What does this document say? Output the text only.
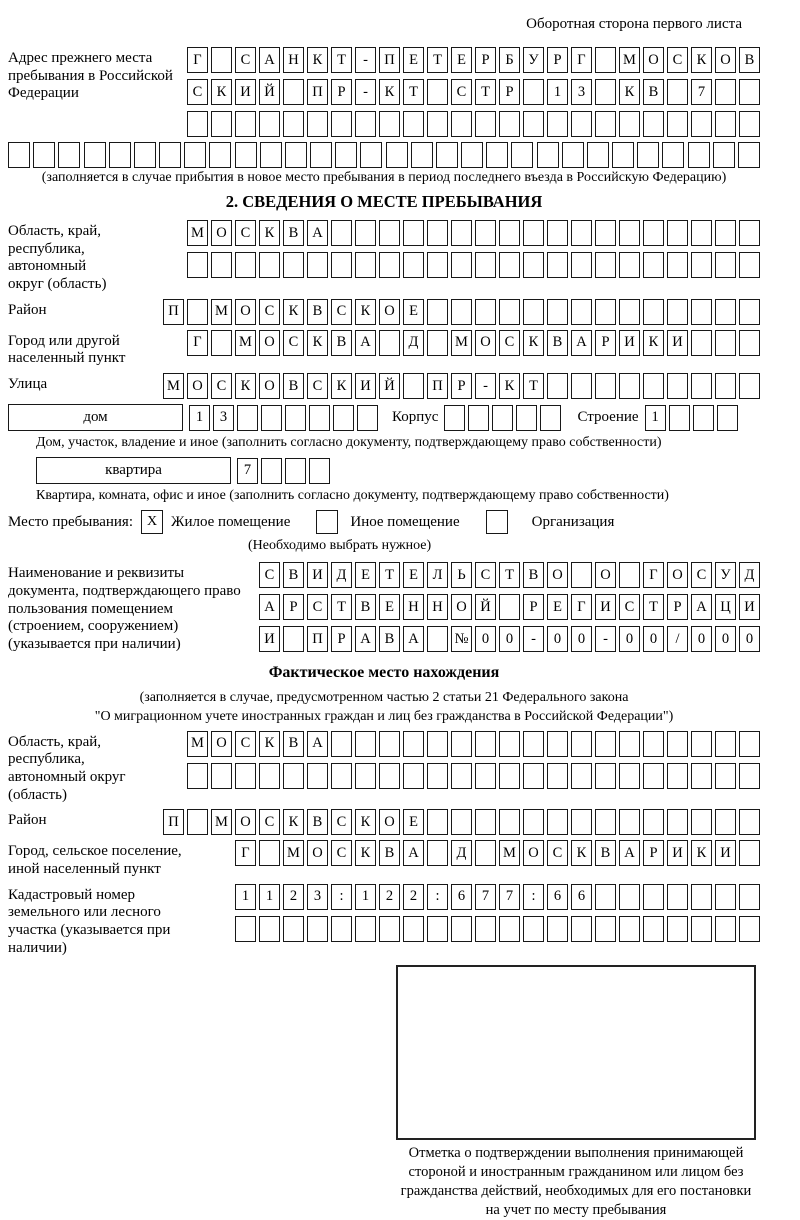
Оборотная сторона первого листа
Адрес прежнего места пребывания в Российской Федерации
Г	С А Н К	Т	-	П Е	Т	Е	Р	Б	У	Р	Г	М О С К О В
С К И Й	П	Р	-	К	Т	С	Т	Р	1	3	К В	7
(заполняется в случае прибытия в новое место пребывания в период последнего въезда в Российскую Федерацию)
2. СВЕДЕНИЯ О МЕСТЕ ПРЕБЫВАНИЯ
Область, край, республика, автономный округ (область)
М О С К В А
Район	П	М О С К В С К О Е
Город или другой населенный пункт
Г	М О С К В А	Д	М О С К В А	Р	И К И
Улица	М О С К О В С К И Й	П	Р	-	К	Т
дом	1	3	Корпус	Строение 1
Дом, участок, владение и иное (заполнить согласно документу, подтверждающему право собственности)
квартира	7
Квартира, комната, офис и иное (заполнить согласно документу, подтверждающему право собственности)
Место пребывания: X Жилое помещение	Иное помещение	Организация
(Необходимо выбрать нужное)
Наименование и реквизиты документа, подтверждающего право пользования помещением (строением, сооружением) (указывается при наличии)
С В И Д	Е	Т	Е	Л	Ь	С	Т	В О	О	Г	О С У Д
А	Р	С	Т	В	Е Н Н О Й	Р	Е	Г	И С	Т	Р	А Ц И
И	П	Р	А В А	№ 0	0	-	0	0	-	0	0	/	0	0	0
Фактическое место нахождения
(заполняется в случае, предусмотренном частью 2 статьи 21 Федерального закона
"О миграционном учете иностранных граждан и лиц без гражданства в Российской Федерации")
Область, край, республика, автономный округ (область)
М О С К В А
Район	П	М О С К В С К О Е
Город, сельское поселение, иной населенный пункт
Г	М О С К В А	Д	М О С К В А	Р	И К И
Кадастровый номер земельного или лесного участка (указывается при наличии)
1	1	2	3	:	1	2	2	:	6	7	7	:	6	6
Отметка о подтверждении выполнения принимающей стороной и иностранным гражданином или лицом без гражданства действий, необходимых для его постановки на учет по месту пребывания
